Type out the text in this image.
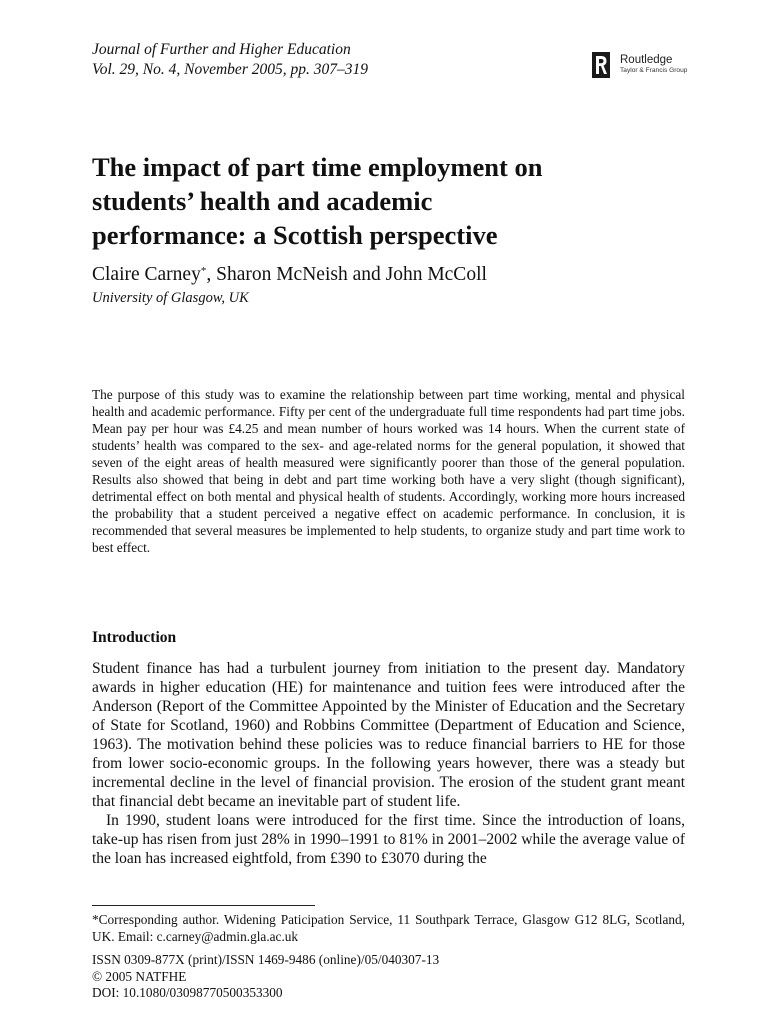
Journal of Further and Higher Education
Vol. 29, No. 4, November 2005, pp. 307–319
Routledge
Taylor & Francis Group
The impact of part time employment on
students’ health and academic
performance: a Scottish perspective
Claire Carney*, Sharon McNeish and John McColl
University of Glasgow, UK

The purpose of this study was to examine the relationship between part time working, mental and physical health and academic performance. Fifty per cent of the undergraduate full time respondents had part time jobs. Mean pay per hour was £4.25 and mean number of hours worked was 14 hours. When the current state of students’ health was compared to the sex- and age-related norms for the general population, it showed that seven of the eight areas of health measured were significantly poorer than those of the general population. Results also showed that being in debt and part time working both have a very slight (though significant), detrimental effect on both mental and physical health of students. Accordingly, working more hours increased the probability that a student perceived a negative effect on academic performance. In conclusion, it is recommended that several measures be implemented to help students, to organize study and part time work to best effect.

Introduction

Student finance has had a turbulent journey from initiation to the present day. Mandatory awards in higher education (HE) for maintenance and tuition fees were introduced after the Anderson (Report of the Committee Appointed by the Minister of Education and the Secretary of State for Scotland, 1960) and Robbins Committee (Department of Education and Science, 1963). The motivation behind these policies was to reduce financial barriers to HE for those from lower socio-economic groups. In the following years however, there was a steady but incremental decline in the level of financial provision. The erosion of the student grant meant that financial debt became an inevitable part of student life.

In 1990, student loans were introduced for the first time. Since the introduction of loans, take-up has risen from just 28% in 1990–1991 to 81% in 2001–2002 while the average value of the loan has increased eightfold, from £390 to £3070 during the

*Corresponding author. Widening Paticipation Service, 11 Southpark Terrace, Glasgow G12 8LG, Scotland, UK. Email: c.carney@admin.gla.ac.uk

ISSN 0309-877X (print)/ISSN 1469-9486 (online)/05/040307-13
© 2005 NATFHE
DOI: 10.1080/03098770500353300
